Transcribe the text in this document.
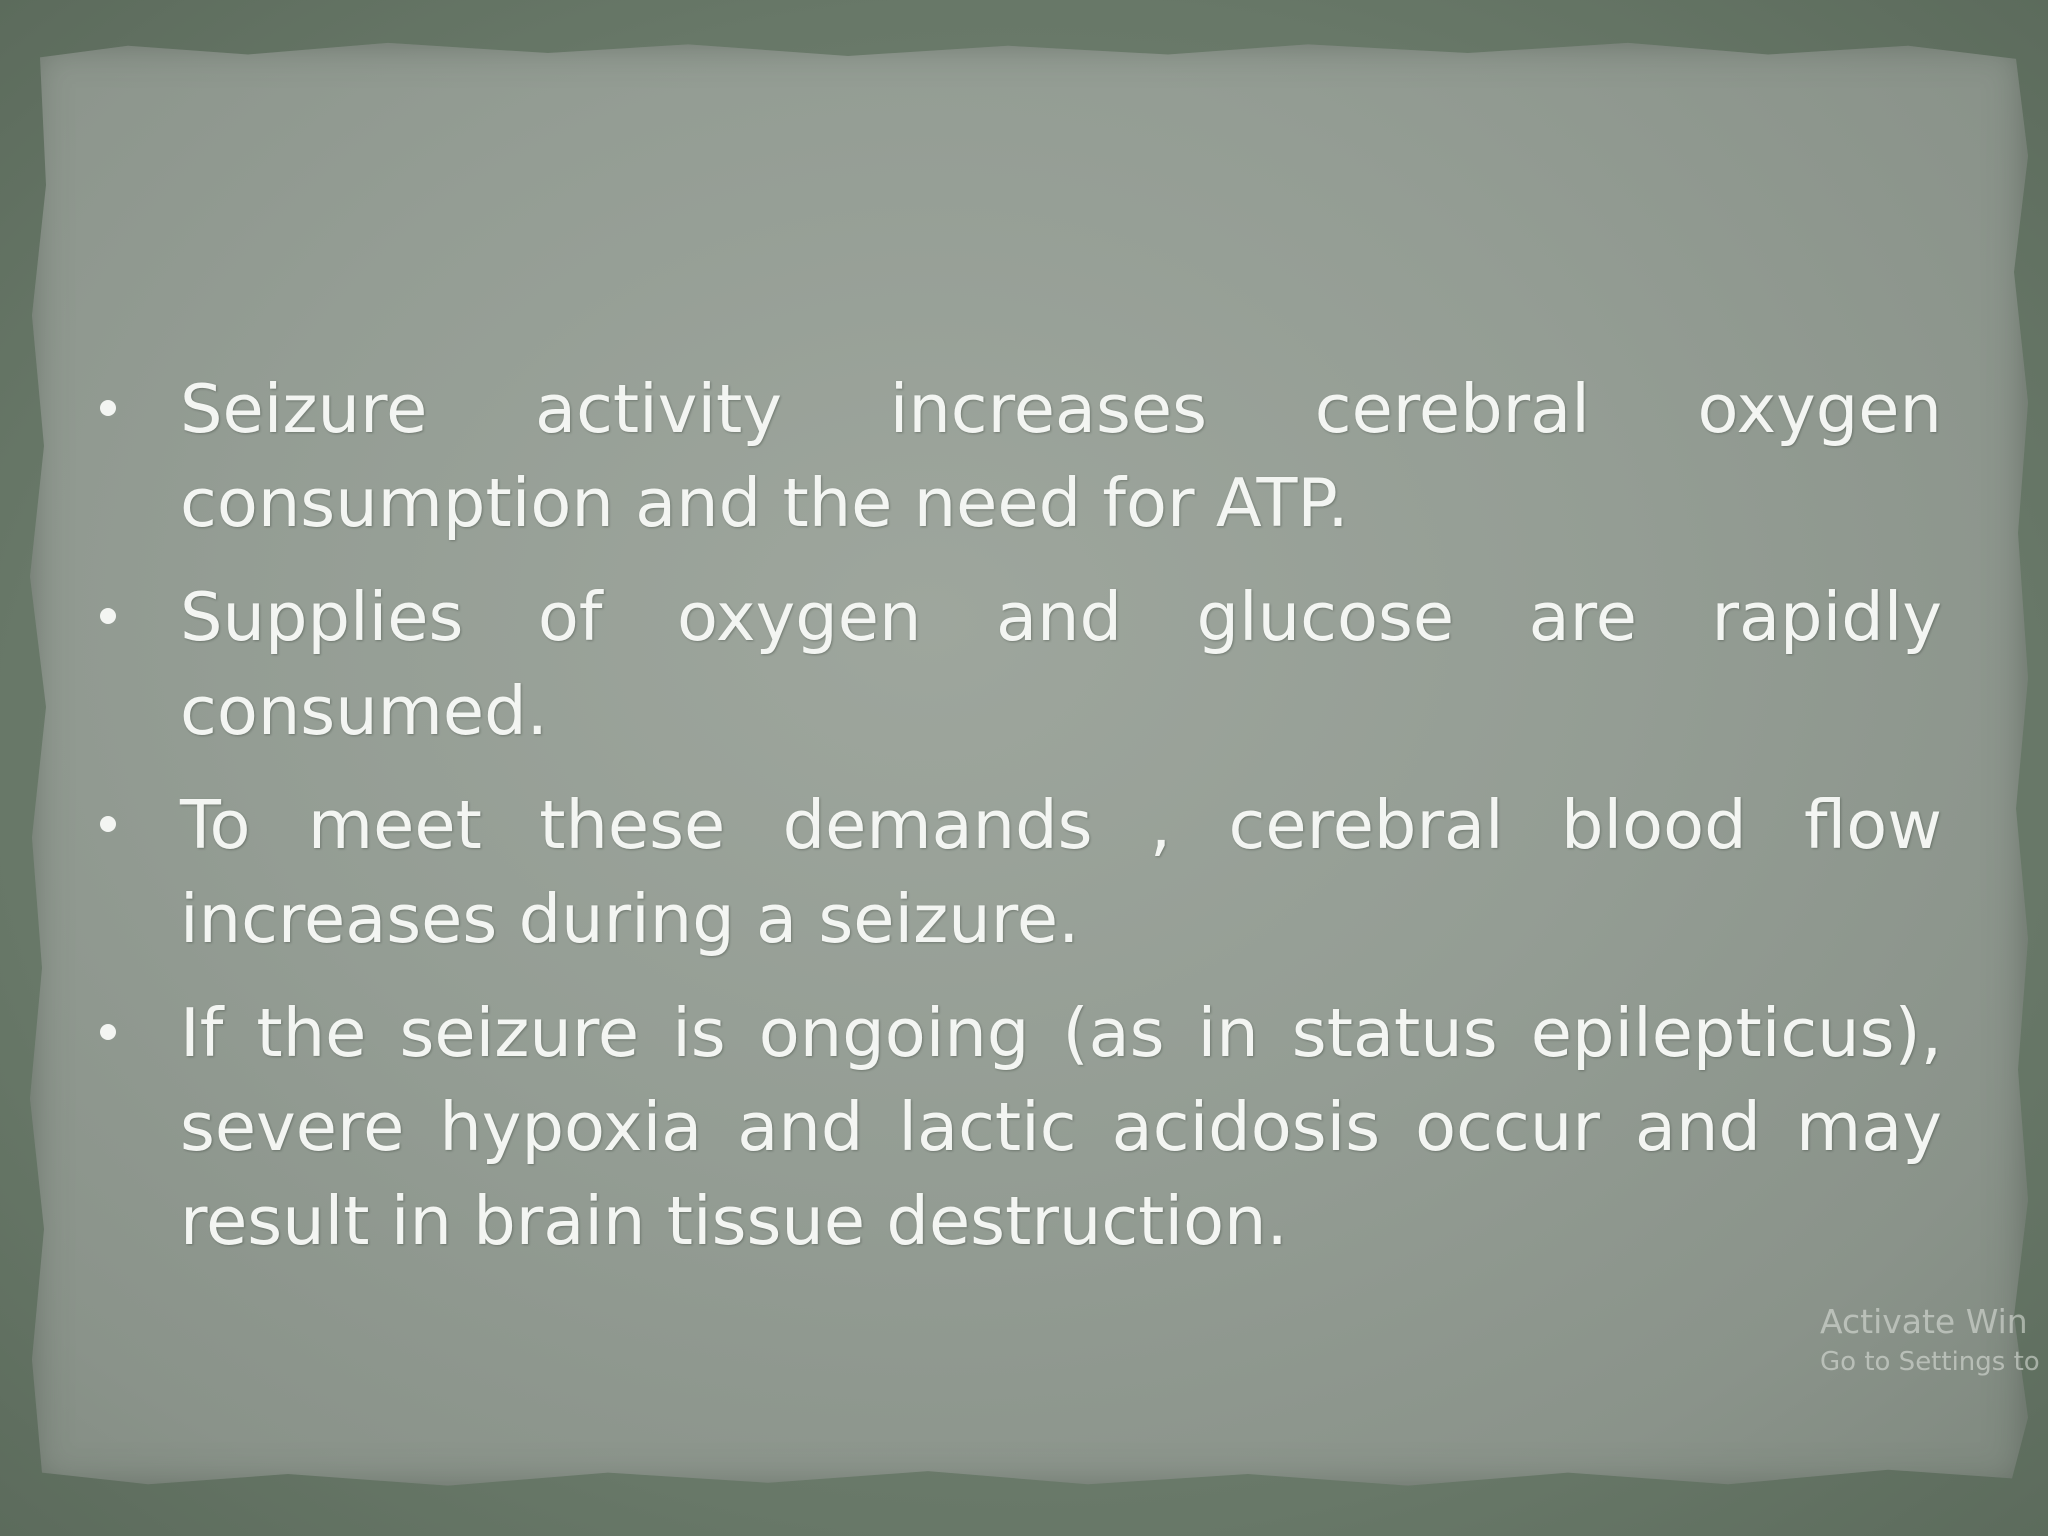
Seizure activity increases cerebral oxygen consumption and the need for ATP.
Supplies of oxygen and glucose are rapidly consumed.
To meet these demands , cerebral blood flow increases during a seizure.
If the seizure is ongoing (as in status epilepticus), severe hypoxia and lactic acidosis occur and may result in brain tissue destruction.
Activate Win
Go to Settings to
